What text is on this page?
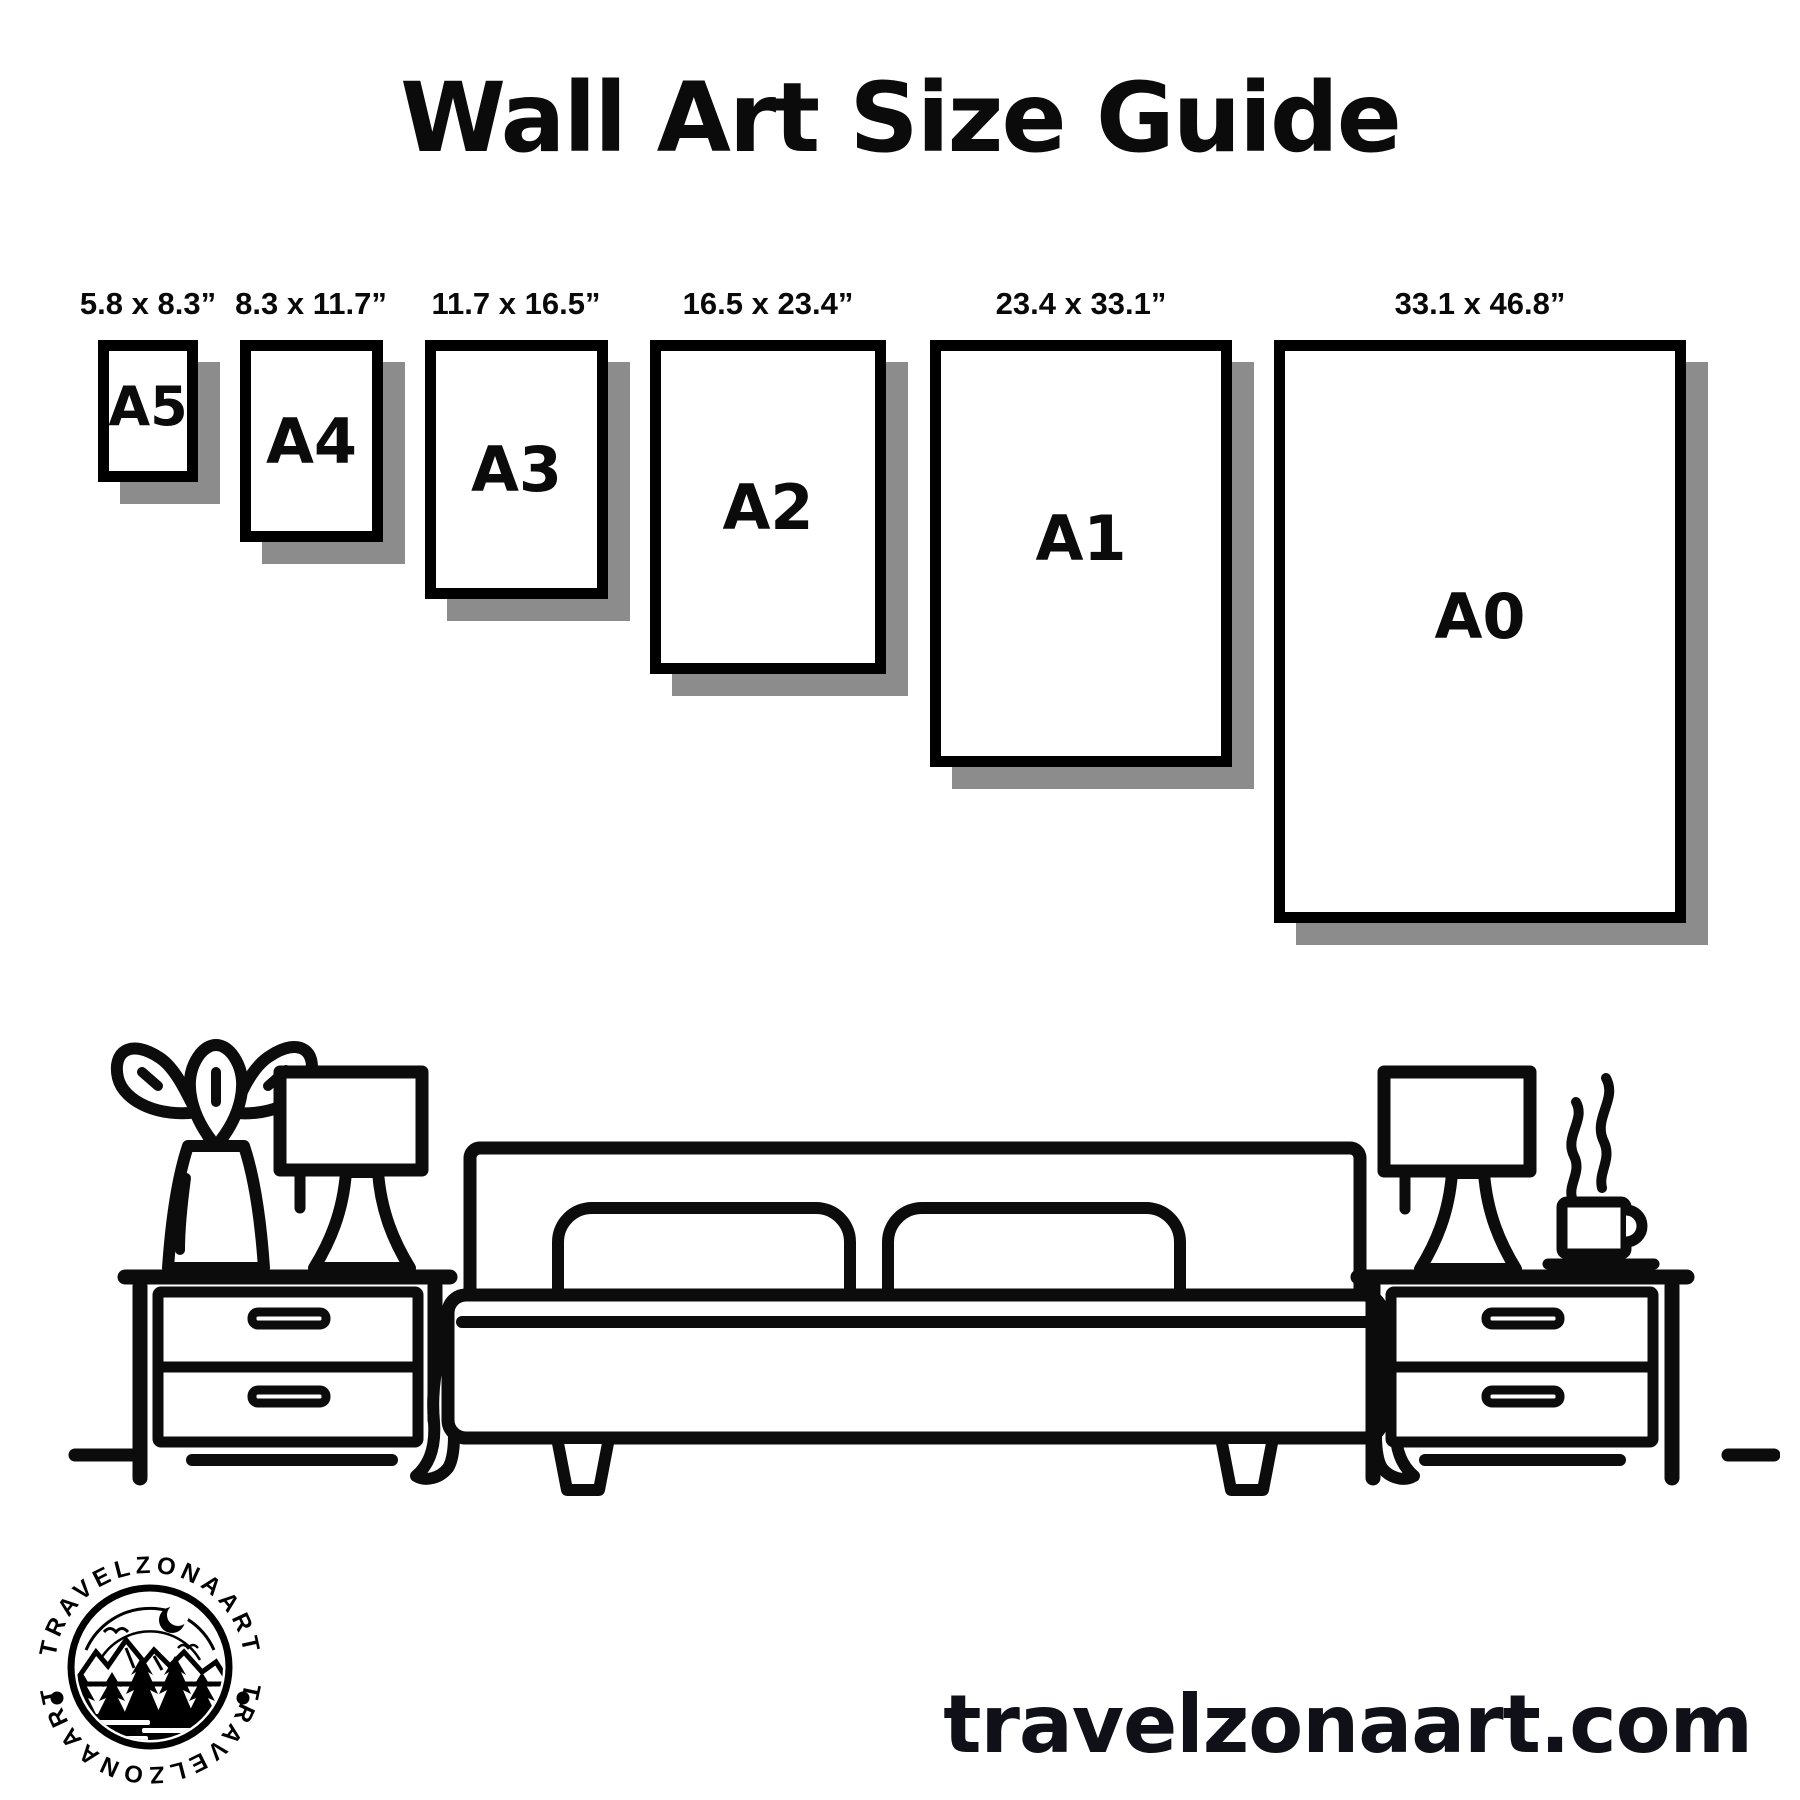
Wall Art Size Guide
5.8 x 8.3” 8.3 x 11.7” 11.7 x 16.5”	16.5 x 23.4”	23.4 x 33.1”	33.1 x 46.8”
A5 A4 A3
A2	A1
A0
TRAVELZONAART
TRAVELZONAART	travelzonaart.com
